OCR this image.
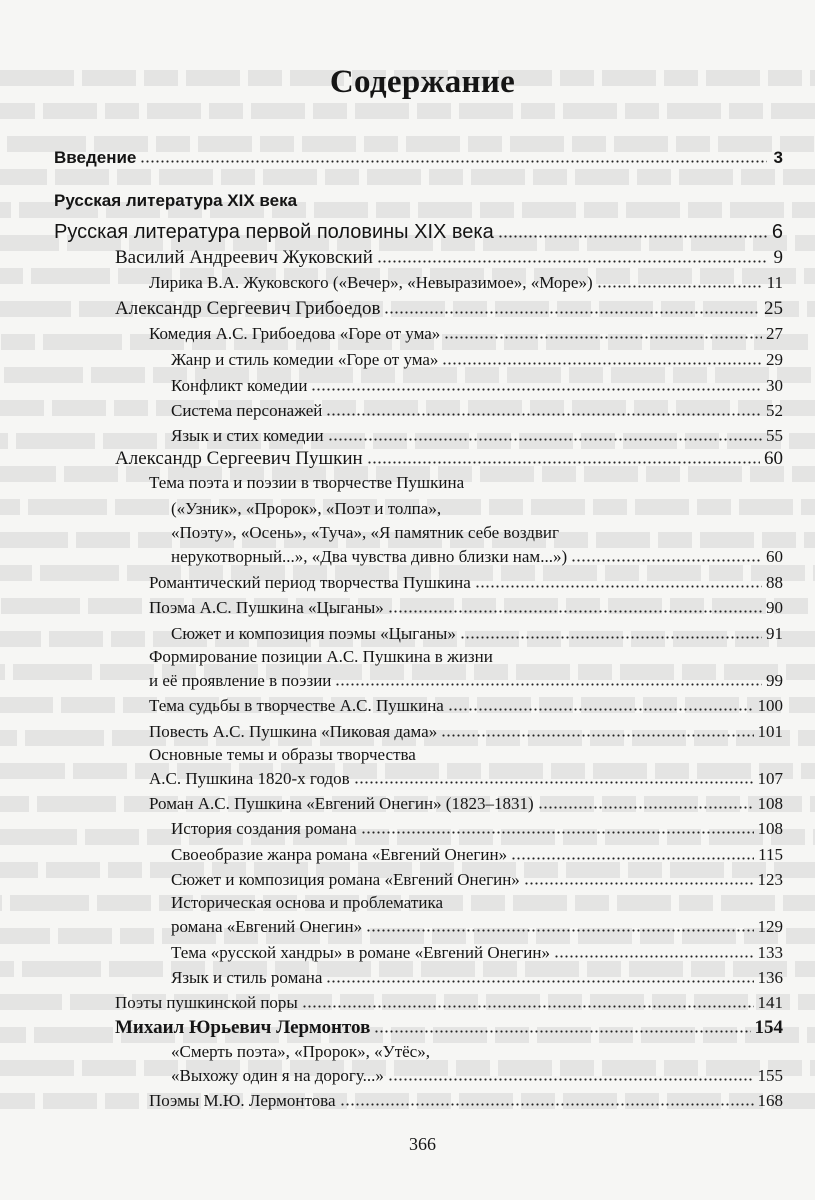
Содержание
Введение	3
Русская литература XIX века
Русская литература первой половины XIX века	6
Василий Андреевич Жуковский	9
Лирика В.А. Жуковского («Вечер», «Невыразимое», «Море»)	11
Александр Сергеевич Грибоедов	25
Комедия А.С. Грибоедова «Горе от ума»	27
Жанр и стиль комедии «Горе от ума»	29
Конфликт комедии	30
Система персонажей	52
Язык и стих комедии	55
Александр Сергеевич Пушкин	60
Тема поэта и поэзии в творчестве Пушкина
(«Узник», «Пророк», «Поэт и толпа»,
«Поэту», «Осень», «Туча», «Я памятник себе воздвиг
нерукотворный...», «Два чувства дивно близки нам...»)	60
Романтический период творчества Пушкина	88
Поэма А.С. Пушкина «Цыганы»	90
Сюжет и композиция поэмы «Цыганы»	91
Формирование позиции А.С. Пушкина в жизни
и её проявление в поэзии	99
Тема судьбы в творчестве А.С. Пушкина	100
Повесть А.С. Пушкина «Пиковая дама»	101
Основные темы и образы творчества
А.С. Пушкина 1820-х годов	107
Роман А.С. Пушкина «Евгений Онегин» (1823–1831)	108
История создания романа	108
Своеобразие жанра романа «Евгений Онегин»	115
Сюжет и композиция романа «Евгений Онегин»	123
Историческая основа и проблематика
романа «Евгений Онегин»	129
Тема «русской хандры» в романе «Евгений Онегин»	133
Язык и стиль романа	136
Поэты пушкинской поры	141
Михаил Юрьевич Лермонтов	154
«Смерть поэта», «Пророк», «Утёс»,
«Выхожу один я на дорогу...»	155
Поэмы М.Ю. Лермонтова	168
366
